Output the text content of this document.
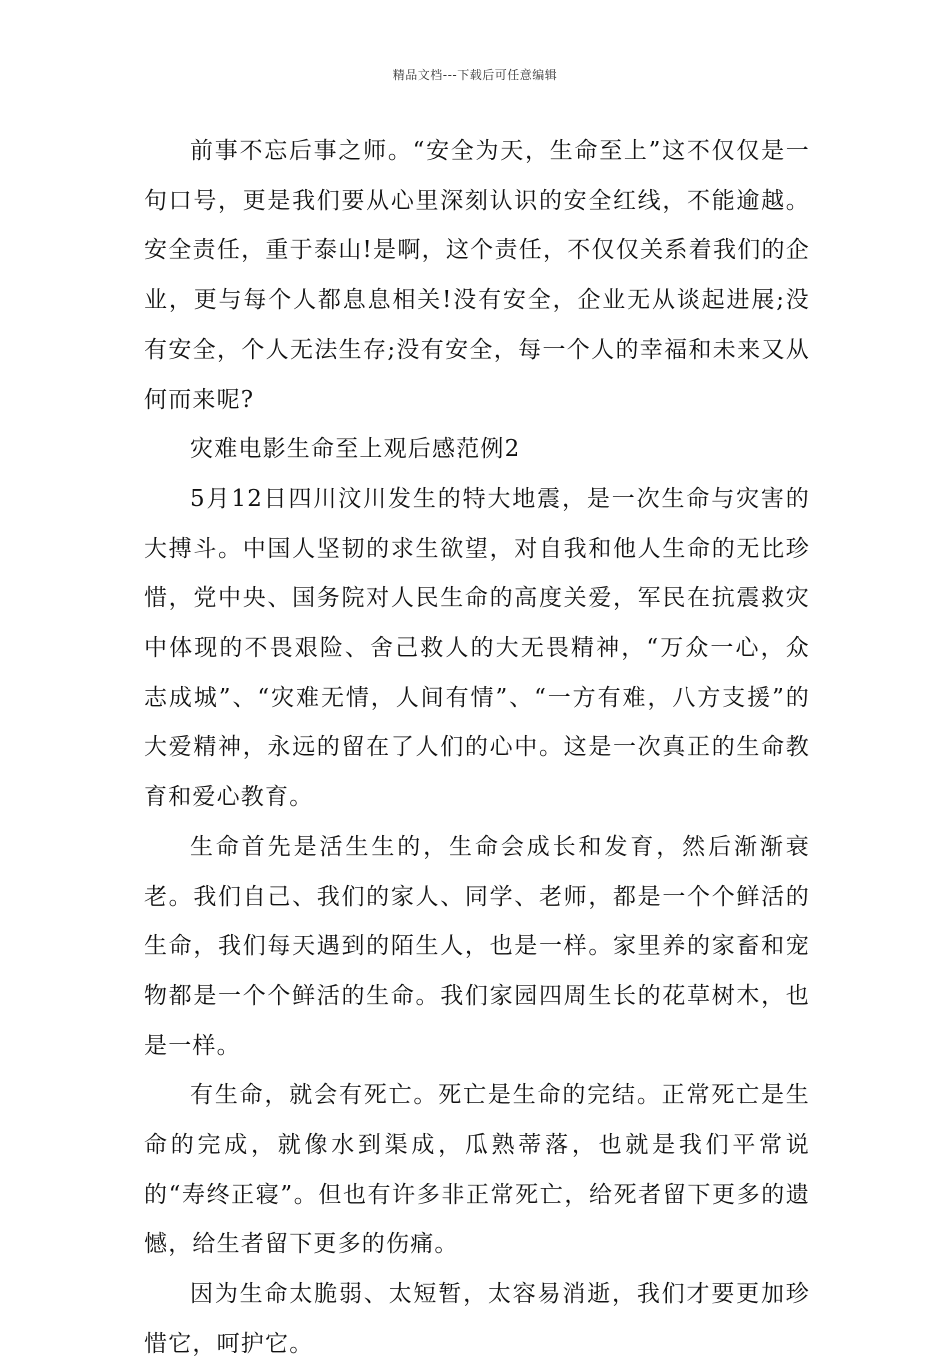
精品文档---下载后可任意编辑

前事不忘后事之师。“安全为天，生命至上”这不仅仅是一句口号，更是我们要从心里深刻认识的安全红线，不能逾越。安全责任，重于泰山!是啊，这个责任，不仅仅关系着我们的企业，更与每个人都息息相关!没有安全，企业无从谈起进展;没有安全，个人无法生存;没有安全，每一个人的幸福和未来又从何而来呢?

灾难电影生命至上观后感范例2

5月12日四川汶川发生的特大地震，是一次生命与灾害的大搏斗。中国人坚韧的求生欲望，对自我和他人生命的无比珍惜，党中央、国务院对人民生命的高度关爱，军民在抗震救灾中体现的不畏艰险、舍己救人的大无畏精神，“万众一心，众志成城”、“灾难无情，人间有情”、“一方有难，八方支援”的大爱精神，永远的留在了人们的心中。这是一次真正的生命教育和爱心教育。

生命首先是活生生的，生命会成长和发育，然后渐渐衰老。我们自己、我们的家人、同学、老师，都是一个个鲜活的生命，我们每天遇到的陌生人，也是一样。家里养的家畜和宠物都是一个个鲜活的生命。我们家园四周生长的花草树木，也是一样。

有生命，就会有死亡。死亡是生命的完结。正常死亡是生命的完成，就像水到渠成，瓜熟蒂落，也就是我们平常说的“寿终正寝”。但也有许多非正常死亡，给死者留下更多的遗憾，给生者留下更多的伤痛。

因为生命太脆弱、太短暂，太容易消逝，我们才要更加珍惜它，呵护它。
